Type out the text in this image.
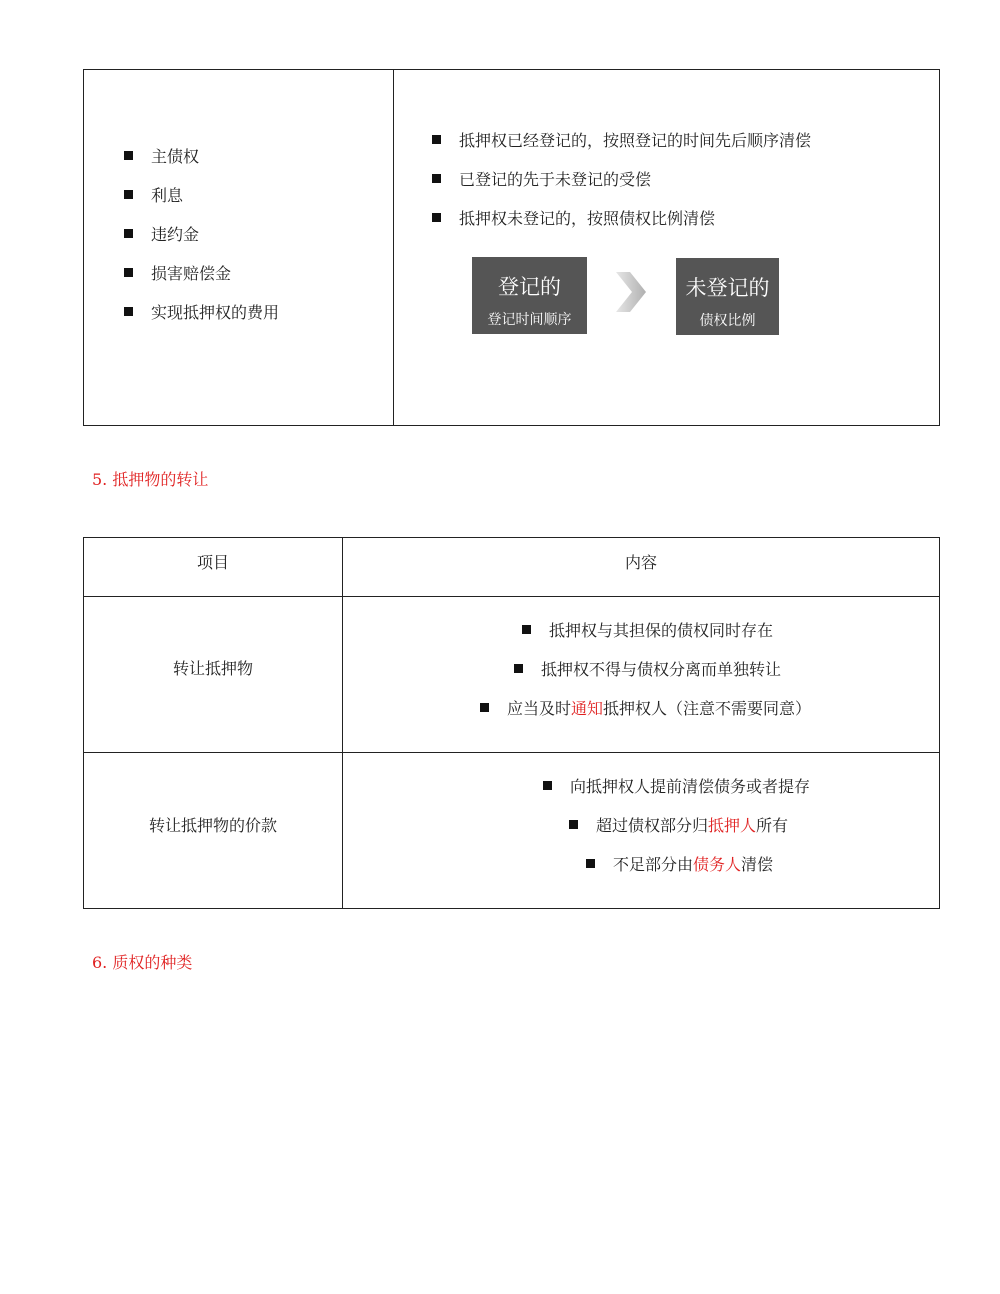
主债权
利息
违约金
损害赔偿金
实现抵押权的费用
抵押权已经登记的，按照登记的时间先后顺序清偿
已登记的先于未登记的受偿
抵押权未登记的，按照债权比例清偿
登记的
登记时间顺序
未登记的
债权比例
5. 抵押物的转让
项目	内容
转让抵押物
抵押权与其担保的债权同时存在
抵押权不得与债权分离而单独转让
应当及时通知抵押权人（注意不需要同意）
转让抵押物的价款
向抵押权人提前清偿债务或者提存
超过债权部分归抵押人所有
不足部分由债务人清偿
6. 质权的种类
